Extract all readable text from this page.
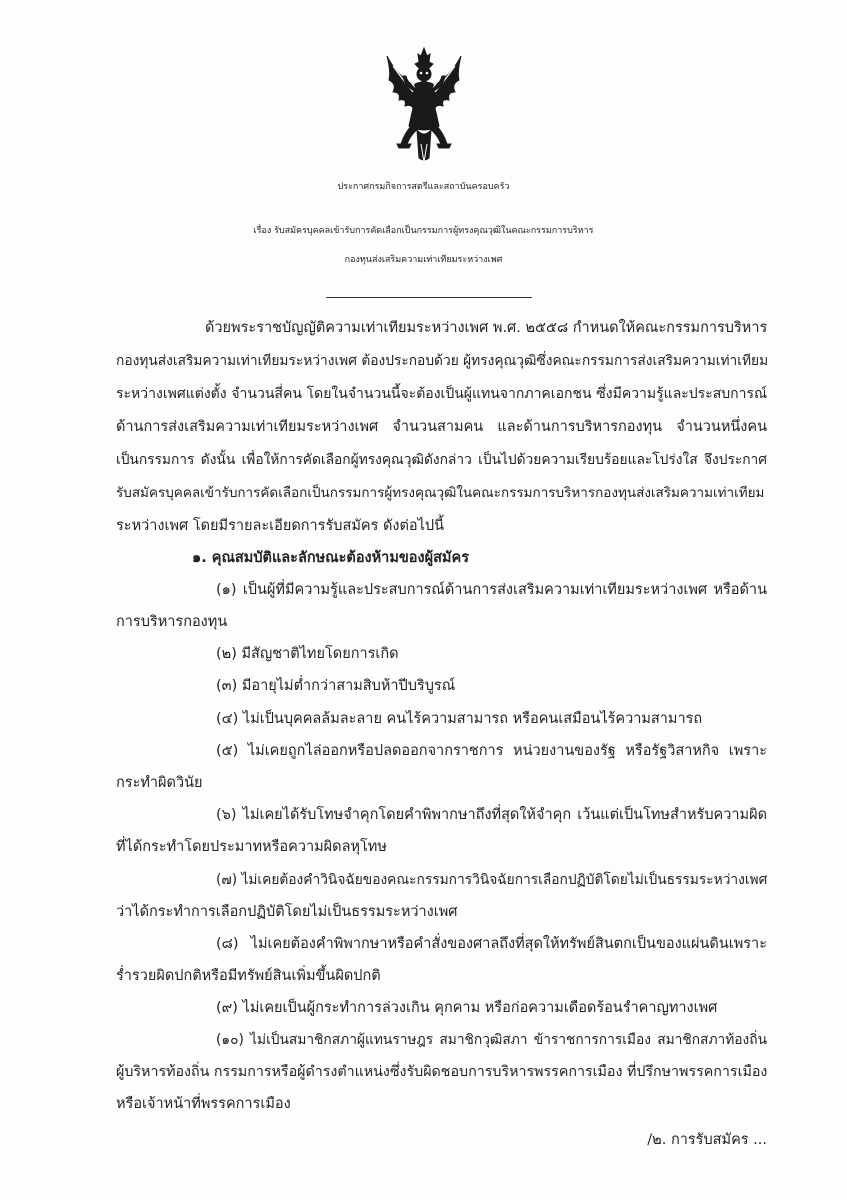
ประกาศกรมกิจการสตรีและสถาบันครอบครัว
เรื่อง รับสมัครบุคคลเข้ารับการคัดเลือกเป็นกรรมการผู้ทรงคุณวุฒิในคณะกรรมการบริหาร
กองทุนส่งเสริมความเท่าเทียมระหว่างเพศ
ด้วยพระราชบัญญัติความเท่าเทียมระหว่างเพศ พ.ศ. ๒๕๕๘ กำหนดให้คณะกรรมการบริหาร
กองทุนส่งเสริมความเท่าเทียมระหว่างเพศ ต้องประกอบด้วย ผู้ทรงคุณวุฒิซึ่งคณะกรรมการส่งเสริมความเท่าเทียม
ระหว่างเพศแต่งตั้ง จำนวนสี่คน โดยในจำนวนนี้จะต้องเป็นผู้แทนจากภาคเอกชน ซึ่งมีความรู้และประสบการณ์
ด้านการส่งเสริมความเท่าเทียมระหว่างเพศ จำนวนสามคน และด้านการบริหารกองทุน จำนวนหนึ่งคน
เป็นกรรมการ ดังนั้น เพื่อให้การคัดเลือกผู้ทรงคุณวุฒิดังกล่าว เป็นไปด้วยความเรียบร้อยและโปร่งใส จึงประกาศ
รับสมัครบุคคลเข้ารับการคัดเลือกเป็นกรรมการผู้ทรงคุณวุฒิในคณะกรรมการบริหารกองทุนส่งเสริมความเท่าเทียม
ระหว่างเพศ โดยมีรายละเอียดการรับสมัคร ดังต่อไปนี้
๑. คุณสมบัติและลักษณะต้องห้ามของผู้สมัคร
(๑) เป็นผู้ที่มีความรู้และประสบการณ์ด้านการส่งเสริมความเท่าเทียมระหว่างเพศ หรือด้าน
การบริหารกองทุน
(๒) มีสัญชาติไทยโดยการเกิด
(๓) มีอายุไม่ต่ำกว่าสามสิบห้าปีบริบูรณ์
(๔) ไม่เป็นบุคคลล้มละลาย คนไร้ความสามารถ หรือคนเสมือนไร้ความสามารถ
(๕) ไม่เคยถูกไล่ออกหรือปลดออกจากราชการ หน่วยงานของรัฐ หรือรัฐวิสาหกิจ เพราะ
กระทำผิดวินัย
(๖) ไม่เคยได้รับโทษจำคุกโดยคำพิพากษาถึงที่สุดให้จำคุก เว้นแต่เป็นโทษสำหรับความผิด
ที่ได้กระทำโดยประมาทหรือความผิดลหุโทษ
(๗) ไม่เคยต้องคำวินิจฉัยของคณะกรรมการวินิจฉัยการเลือกปฏิบัติโดยไม่เป็นธรรมระหว่างเพศ
ว่าได้กระทำการเลือกปฏิบัติโดยไม่เป็นธรรมระหว่างเพศ
(๘) ไม่เคยต้องคำพิพากษาหรือคำสั่งของศาลถึงที่สุดให้ทรัพย์สินตกเป็นของแผ่นดินเพราะ
ร่ำรวยผิดปกติหรือมีทรัพย์สินเพิ่มขึ้นผิดปกติ
(๙) ไม่เคยเป็นผู้กระทำการล่วงเกิน คุกคาม หรือก่อความเดือดร้อนรำคาญทางเพศ
(๑๐) ไม่เป็นสมาชิกสภาผู้แทนราษฎร สมาชิกวุฒิสภา ข้าราชการการเมือง สมาชิกสภาท้องถิ่น
ผู้บริหารท้องถิ่น กรรมการหรือผู้ดำรงตำแหน่งซึ่งรับผิดชอบการบริหารพรรคการเมือง ที่ปรึกษาพรรคการเมือง
หรือเจ้าหน้าที่พรรคการเมือง
/๒. การรับสมัคร ...
